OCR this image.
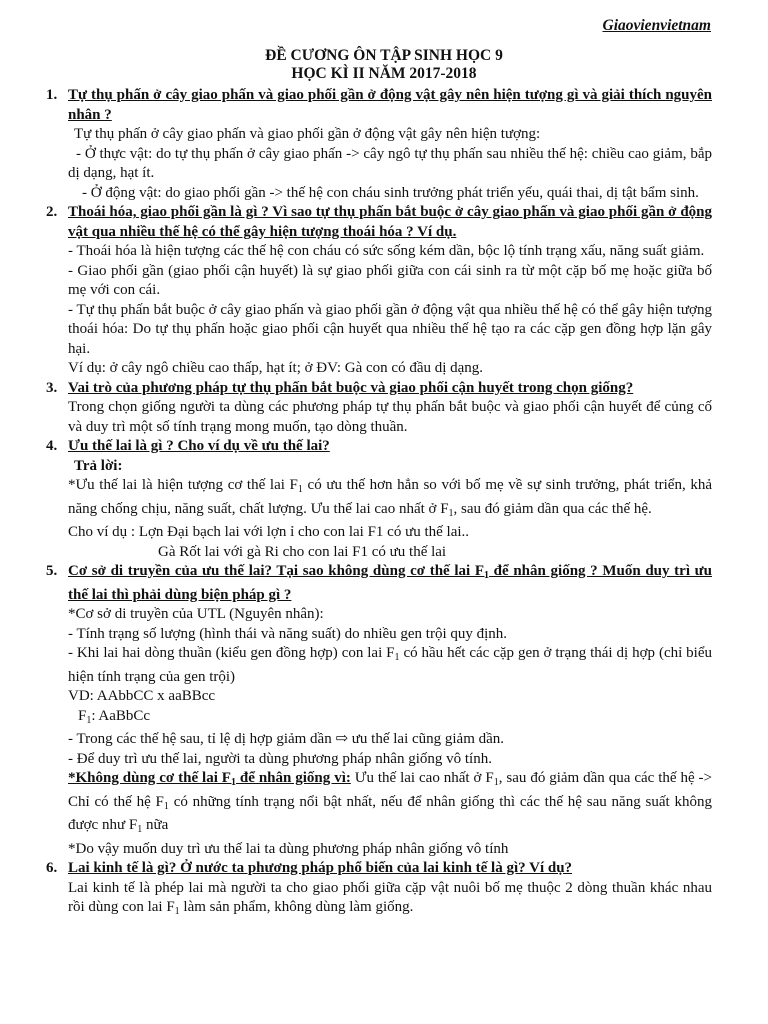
Giaovienvietnam
ĐỀ CƯƠNG ÔN TẬP SINH HỌC 9
HỌC KÌ II NĂM 2017-2018
1. Tự thụ phấn ở cây giao phấn và giao phối gần ở động vật gây nên hiện tượng gì và giải thích nguyên nhân ?

Tự thụ phấn ở cây giao phấn và giao phối gần ở động vật gây nên hiện tượng:

- Ở thực vật: do tự thụ phấn ở cây giao phấn -> cây ngô tự thụ phấn sau nhiều thế hệ: chiều cao giảm, bắp dị dạng, hạt ít.

- Ở động vật: do giao phối gần -> thế hệ con cháu sinh trưởng phát triển yếu, quái thai, dị tật bẩm sinh.

2. Thoái hóa, giao phối gần là gì ? Vì sao tự thụ phấn bắt buộc ở cây giao phấn và giao phối gần ở động vật qua nhiều thế hệ có thể gây hiện tượng thoái hóa ? Ví dụ.

- Thoái hóa là hiện tượng các thế hệ con cháu có sức sống kém dần, bộc lộ tính trạng xấu, năng suất giảm.

- Giao phối gần (giao phối cận huyết) là sự giao phối giữa con cái sinh ra từ một cặp bố mẹ hoặc giữa bố mẹ với con cái.

- Tự thụ phấn bắt buộc ở cây giao phấn và giao phối gần ở động vật qua nhiều thế hệ có thể gây hiện tượng thoái hóa: Do tự thụ phấn hoặc giao phối cận huyết qua nhiều thế hệ tạo ra các cặp gen đồng hợp lặn gây hại.

Ví dụ: ở cây ngô chiều cao thấp, hạt ít; ở ĐV: Gà con có đầu dị dạng.

3. Vai trò của phương pháp tự thụ phấn bắt buộc và giao phối cận huyết trong chọn giống?

Trong chọn giống người ta dùng các phương pháp tự thụ phấn bắt buộc và giao phối cận huyết để củng cố và duy trì một số tính trạng mong muốn, tạo dòng thuần.

4. Ưu thế lai là gì ? Cho ví dụ về ưu thế lai?

Trả lời:

*Ưu thế lai là hiện tượng cơ thế lai $F_1$ có ưu thế hơn hẳn so với bố mẹ về sự sinh trưởng, phát triển, khả năng chống chịu, năng suất, chất lượng. Ưu thế lai cao nhất ở $F_1$, sau đó giảm dần qua các thế hệ.

Cho ví dụ : Lợn Đại bạch lai với lợn ỉ cho con lai F1 có ưu thế lai..

Gà Rốt lai với gà Ri cho con lai F1 có ưu thế lai

5. Cơ sở di truyền của ưu thế lai? Tại sao không dùng cơ thế lai $F_1$ để nhân giống ? Muốn duy trì ưu thế lai thì phải dùng biện pháp gì ?

*Cơ sở di truyền của UTL (Nguyên nhân):

- Tính trạng số lượng (hình thái và năng suất) do nhiều gen trội quy định.

- Khi lai hai dòng thuần (kiểu gen đồng hợp) con lai $F_1$ có hầu hết các cặp gen ở trạng thái dị hợp (chỉ biểu hiện tính trạng của gen trội)

VD: AAbbCC x aaBBcc

$F_1$: AaBbCc

- Trong các thế hệ sau, tỉ lệ dị hợp giảm dần ⇨ ưu thế lai cũng giảm dần.

- Để duy trì ưu thế lai, người ta dùng phương pháp nhân giống vô tính.

*Không dùng cơ thế lai $F_1$ để nhân giống vì: Ưu thế lai cao nhất ở $F_1$, sau đó giảm dần qua các thế hệ -> Chỉ có thế hệ $F_1$ có những tính trạng nổi bật nhất, nếu để nhân giống thì các thế hệ sau năng suất không được như $F_1$ nữa

*Do vậy muốn duy trì ưu thế lai ta dùng phương pháp nhân giống vô tính

6. Lai kinh tế là gì? Ở nước ta phương pháp phổ biến của lai kinh tế là gì? Ví dụ?

Lai kinh tế là phép lai mà người ta cho giao phối giữa cặp vật nuôi bố mẹ thuộc 2 dòng thuần khác nhau rồi dùng con lai $F_1$ làm sản phẩm, không dùng làm giống.
